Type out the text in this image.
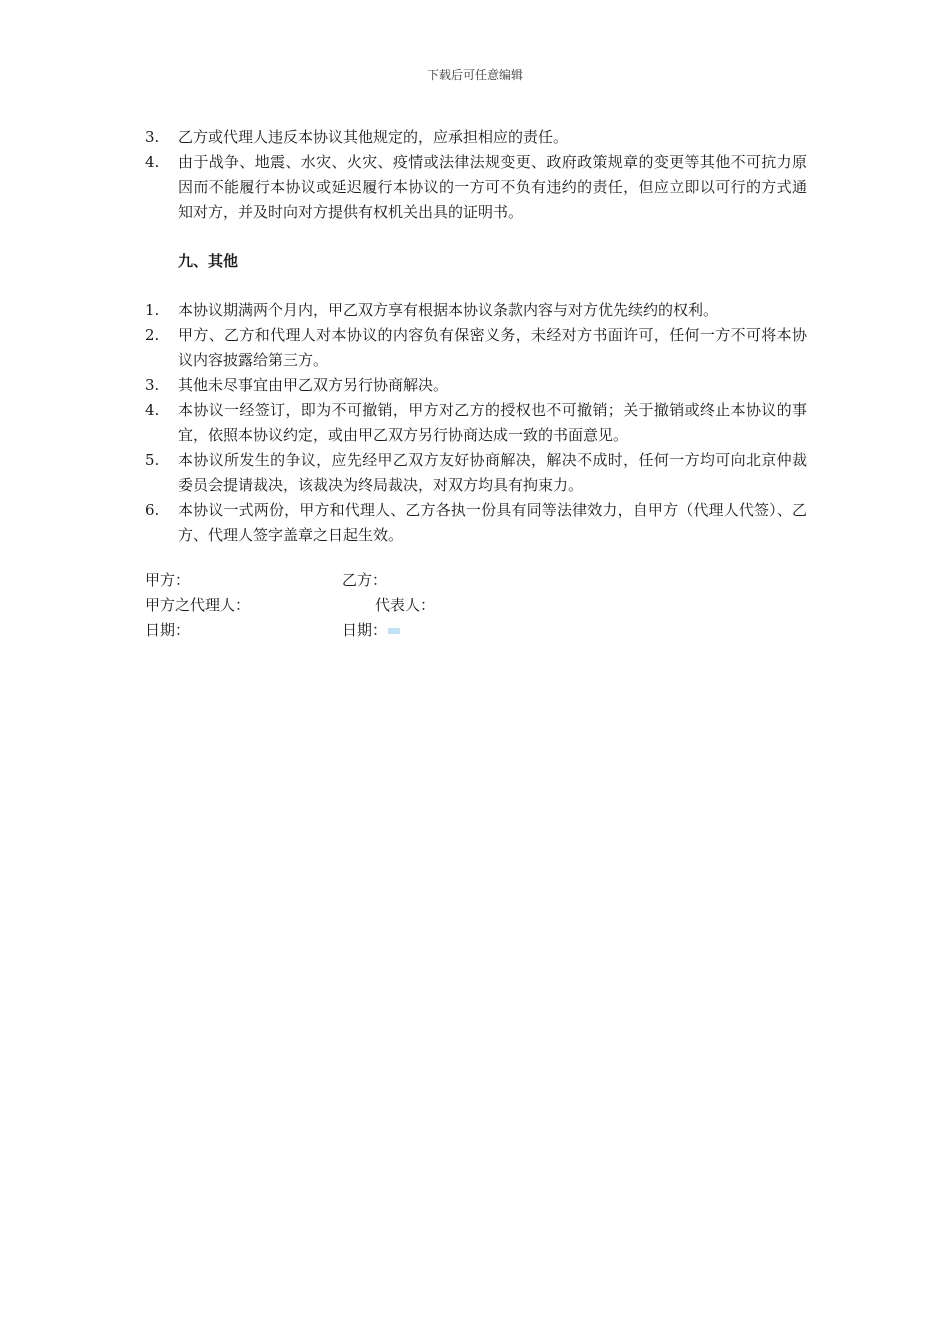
下载后可任意编辑
3.	乙方或代理人违反本协议其他规定的，应承担相应的责任。
4.	由于战争、地震、水灾、火灾、疫情或法律法规变更、政府政策规章的变更等其他不可抗力原因而不能履行本协议或延迟履行本协议的一方可不负有违约的责任，但应立即以可行的方式通知对方，并及时向对方提供有权机关出具的证明书。
九、其他
1.	本协议期满两个月内，甲乙双方享有根据本协议条款内容与对方优先续约的权利。
2.	甲方、乙方和代理人对本协议的内容负有保密义务，未经对方书面许可，任何一方不可将本协议内容披露给第三方。
3.	其他未尽事宜由甲乙双方另行协商解决。
4.	本协议一经签订，即为不可撤销，甲方对乙方的授权也不可撤销；关于撤销或终止本协议的事宜，依照本协议约定，或由甲乙双方另行协商达成一致的书面意见。
5.	本协议所发生的争议，应先经甲乙双方友好协商解决，解决不成时，任何一方均可向北京仲裁委员会提请裁决，该裁决为终局裁决，对双方均具有拘束力。
6.	本协议一式两份，甲方和代理人、乙方各执一份具有同等法律效力，自甲方（代理人代签）、乙方、代理人签字盖章之日起生效。
甲方：	乙方：
甲方之代理人：	代表人：
日期：	日期：
